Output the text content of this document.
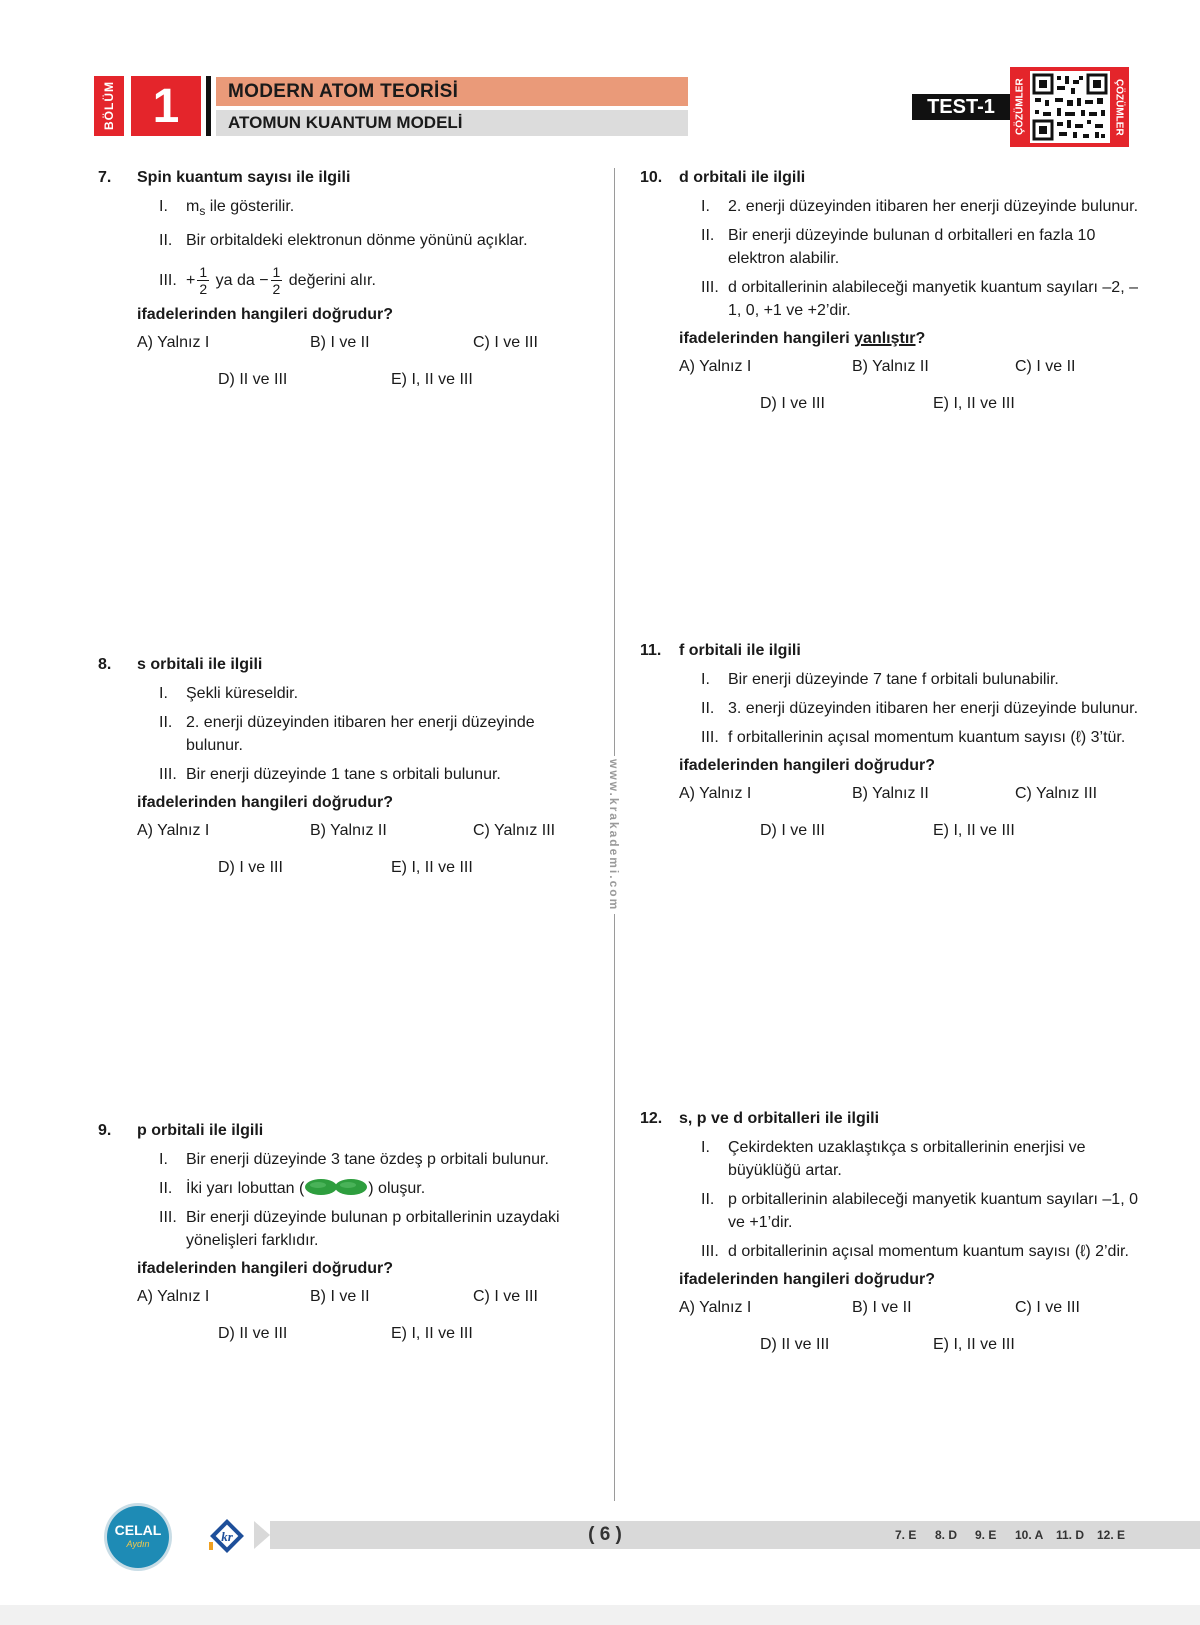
BÖLÜM 1	MODERN ATOM TEORİSİ
ATOMUN KUANTUM MODELİ
TEST-1	ÇÖZÜMLER	ÇÖZÜMLER
www.krakademi.com
7. Spin kuantum sayısı ile ilgili
I.	$m_s$ ile gösterilir.
II. Bir orbitaldeki elektronun dönme yönünü açıklar.
III. + $\frac{1}{2}$ ya da − $\frac{1}{2}$ değerini alır.
ifadelerinden hangileri doğrudur?
A) Yalnız I	B) I ve II	C) I ve III
D) II ve III	E) I, II ve III
8. s orbitali ile ilgili
I.	Şekli küreseldir.
II. 2. enerji düzeyinden itibaren her enerji düzeyinde bulunur.
III. Bir enerji düzeyinde 1 tane s orbitali bulunur.
ifadelerinden hangileri doğrudur?
A) Yalnız I	B) Yalnız II	C) Yalnız III
D) I ve III	E) I, II ve III
9. p orbitali ile ilgili
I.	Bir enerji düzeyinde 3 tane özdeş p orbitali bulunur.
II. İki yarı lobuttan (	) oluşur.
III. Bir enerji düzeyinde bulunan p orbitallerinin uzaydaki yönelişleri farklıdır.
ifadelerinden hangileri doğrudur?
A) Yalnız I	B) I ve II	C) I ve III
D) II ve III	E) I, II ve III
10. d orbitali ile ilgili
I.	2. enerji düzeyinden itibaren her enerji düzeyinde bulunur.
II. Bir enerji düzeyinde bulunan d orbitalleri en fazla 10 elektron alabilir.
III. d orbitallerinin alabileceği manyetik kuantum sayıları –2, –1, 0, +1 ve +2’dir.
ifadelerinden hangileri yanlıştır?
A) Yalnız I	B) Yalnız II	C) I ve II
D) I ve III	E) I, II ve III
11. f orbitali ile ilgili
I.	Bir enerji düzeyinde 7 tane f orbitali bulunabilir.
II. 3. enerji düzeyinden itibaren her enerji düzeyinde bulunur.
III. f orbitallerinin açısal momentum kuantum sayısı (ℓ) 3’tür.
ifadelerinden hangileri doğrudur?
A) Yalnız I	B) Yalnız II	C) Yalnız III
D) I ve III	E) I, II ve III
12. s, p ve d orbitalleri ile ilgili
I.	Çekirdekten uzaklaştıkça s orbitallerinin enerjisi ve büyüklüğü artar.
II. p orbitallerinin alabileceği manyetik kuantum sayıları –1, 0 ve +1’dir.
III. d orbitallerinin açısal momentum kuantum sayısı (ℓ) 2’dir.
ifadelerinden hangileri doğrudur?
A) Yalnız I	B) I ve II	C) I ve III
D) II ve III	E) I, II ve III
CELAL
Aydın	kr	( 6 )	7. E 8. D 9. E 10. A 11. D 12. E
